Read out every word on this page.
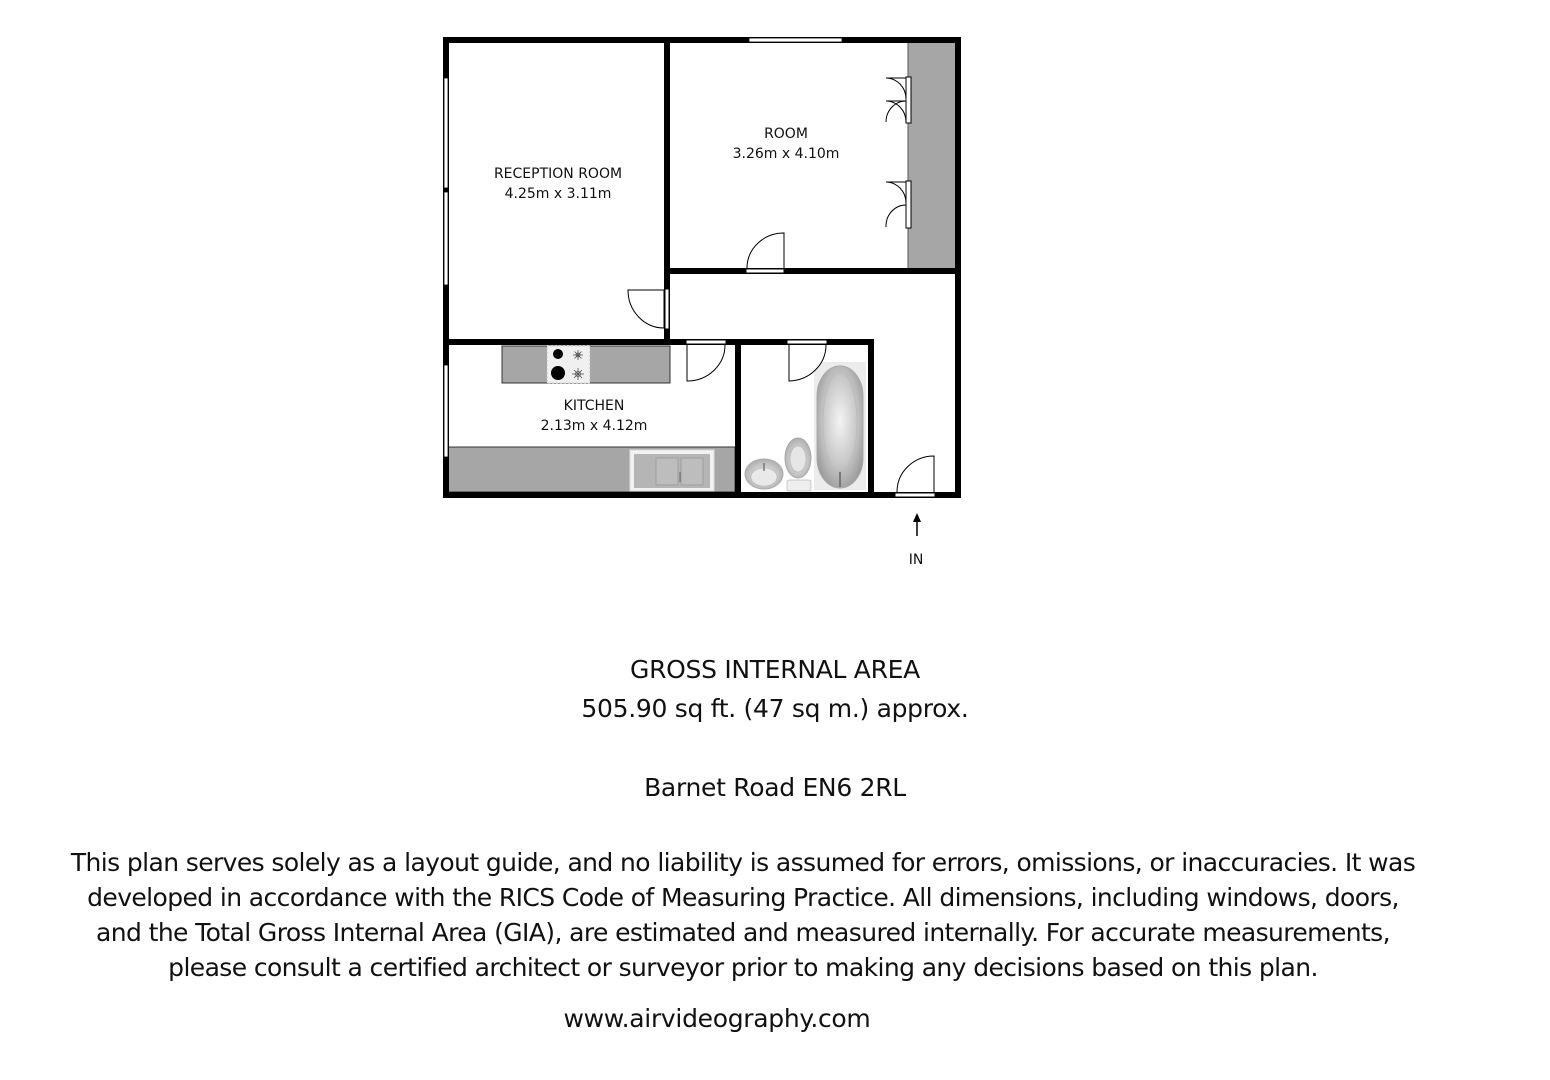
RECEPTION ROOM
4.25m x 3.11m
ROOM
3.26m x 4.10m
KITCHEN
2.13m x 4.12m
IN
GROSS INTERNAL AREA
505.90 sq ft. (47 sq m.) approx.
Barnet Road EN6 2RL
This plan serves solely as a layout guide, and no liability is assumed for errors, omissions, or inaccuracies. It was
developed in accordance with the RICS Code of Measuring Practice. All dimensions, including windows, doors,
and the Total Gross Internal Area (GIA), are estimated and measured internally. For accurate measurements,
please consult a certified architect or surveyor prior to making any decisions based on this plan.
www.airvideography.com
